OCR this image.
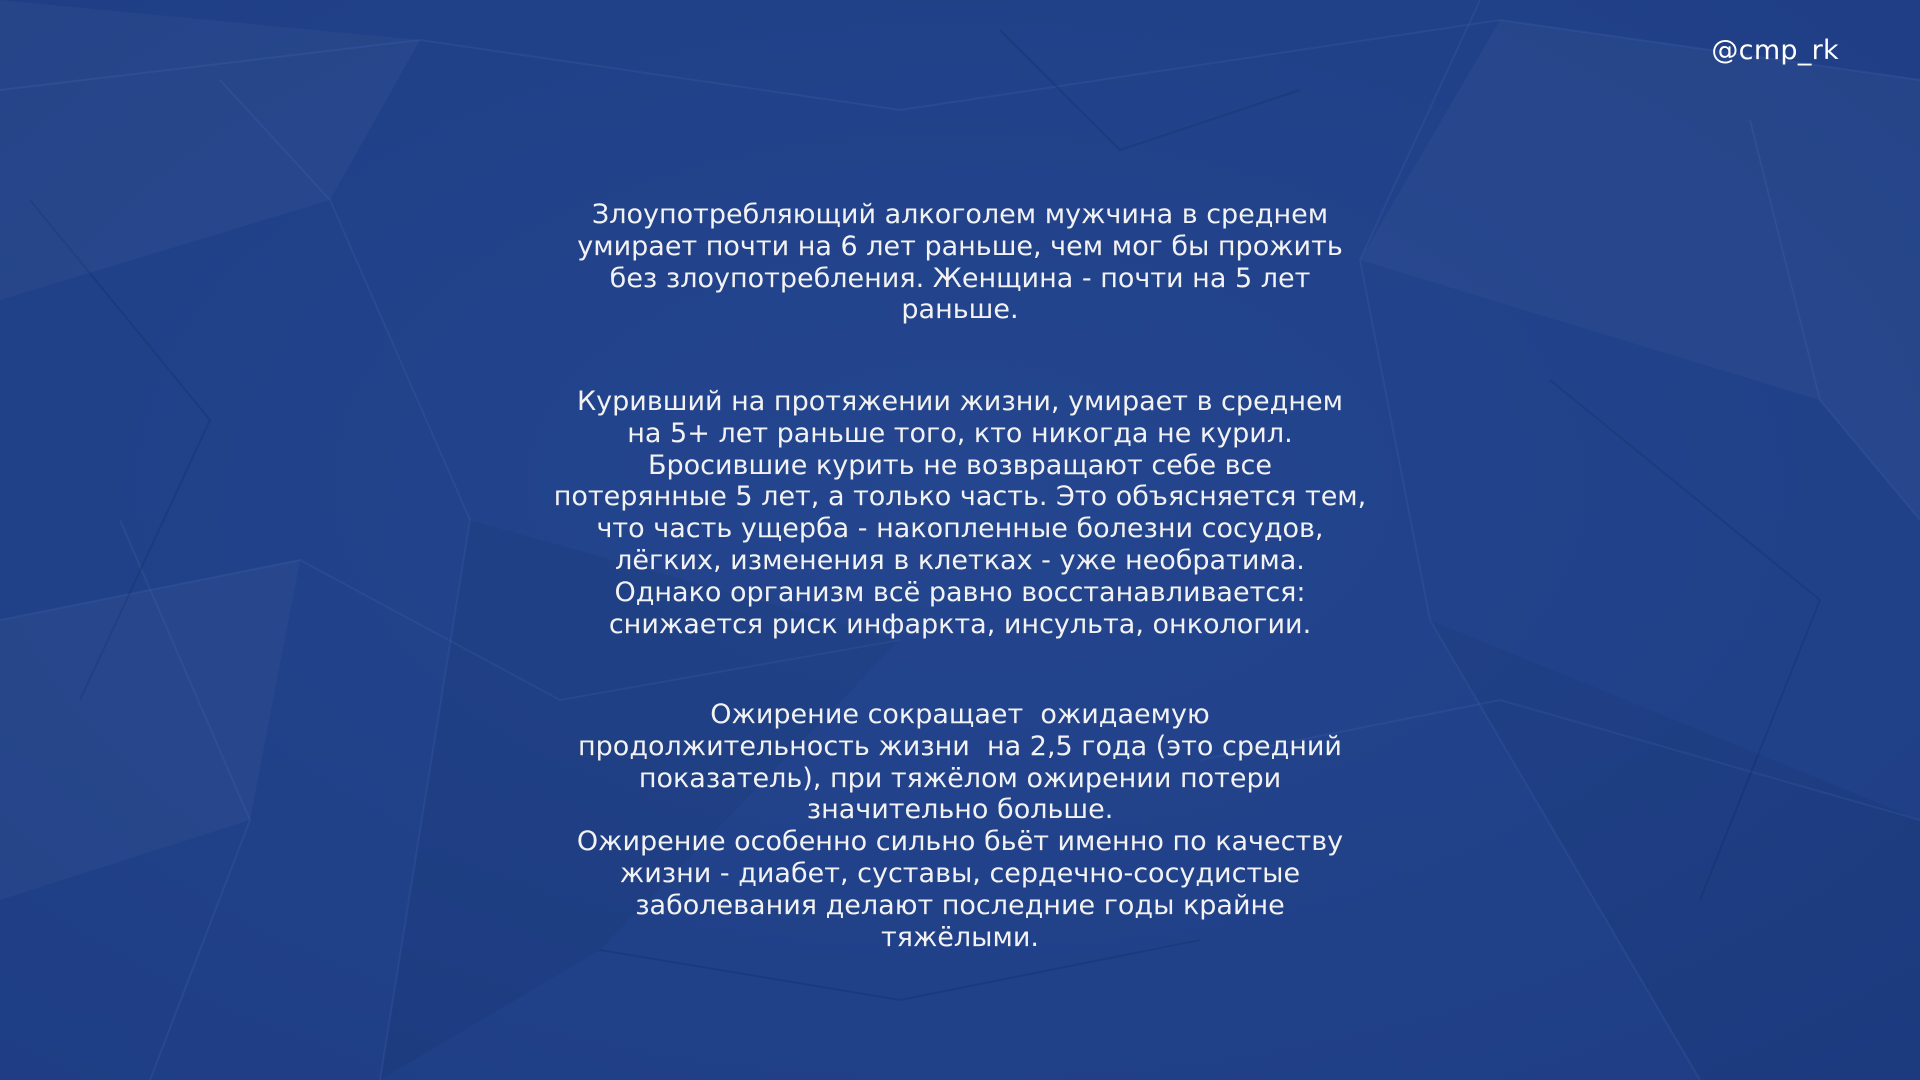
@cmp_rk
Злоупотребляющий алкоголем мужчина в среднем
умирает почти на 6 лет раньше, чем мог бы прожить
без злоупотребления. Женщина - почти на 5 лет
раньше.
Куривший на протяжении жизни, умирает в среднем
на 5+ лет раньше того, кто никогда не курил.
Бросившие курить не возвращают себе все
потерянные 5 лет, а только часть. Это объясняется тем,
что часть ущерба - накопленные болезни сосудов,
лёгких, изменения в клетках - уже необратима.
Однако организм всё равно восстанавливается:
снижается риск инфаркта, инсульта, онкологии.
Ожирение сокращает  ожидаемую
продолжительность жизни  на 2,5 года (это средний
показатель), при тяжёлом ожирении потери
значительно больше.
Ожирение особенно сильно бьёт именно по качеству
жизни - диабет, суставы, сердечно-сосудистые
заболевания делают последние годы крайне
тяжёлыми.
